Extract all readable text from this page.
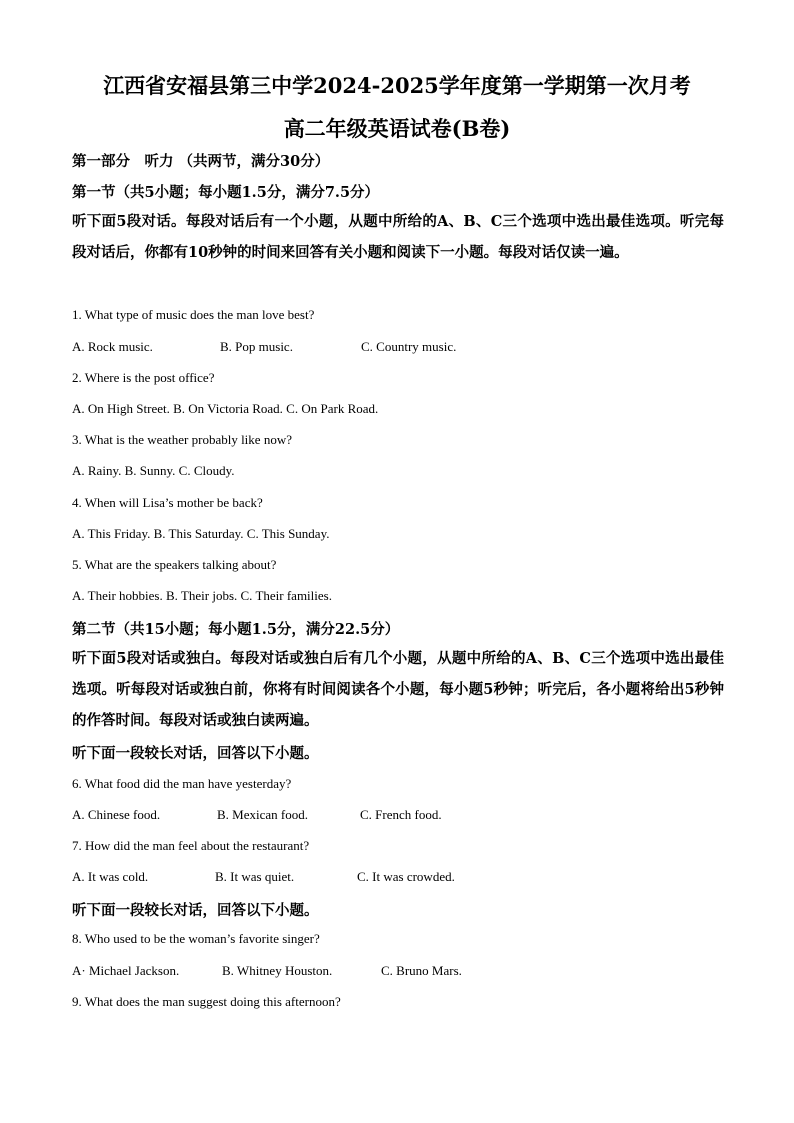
江西省安福县第三中学2024-2025学年度第一学期第一次月考
高二年级英语试卷(B卷)
第一部分　听力 （共两节，满分30分）
第一节（共5小题；每小题1.5分，满分7.5分）
听下面5段对话。每段对话后有一个小题，从题中所给的A、B、C三个选项中选出最佳选项。听完每段对话后，你都有10秒钟的时间来回答有关小题和阅读下一小题。每段对话仅读一遍。
1. What type of music does the man love best?
A. Rock music.	B. Pop music.	C. Country music.
2. Where is the post office?
A. On High Street. B. On Victoria Road. C. On Park Road.
3. What is the weather probably like now?
A. Rainy. B. Sunny. C. Cloudy.
4. When will Lisa’s mother be back?
A. This Friday. B. This Saturday. C. This Sunday.
5. What are the speakers talking about?
A. Their hobbies. B. Their jobs. C. Their families.
第二节（共15小题；每小题1.5分，满分22.5分）
听下面5段对话或独白。每段对话或独白后有几个小题，从题中所给的A、B、C三个选项中选出最佳选项。听每段对话或独白前，你将有时间阅读各个小题，每小题5秒钟；听完后，各小题将给出5秒钟的作答时间。每段对话或独白读两遍。
听下面一段较长对话，回答以下小题。
6. What food did the man have yesterday?
A. Chinese food.	B. Mexican food.	C. French food.
7. How did the man feel about the restaurant?
A. It was cold.	B. It was quiet.	C. It was crowded.
听下面一段较长对话，回答以下小题。
8. Who used to be the woman’s favorite singer?
A· Michael Jackson.	B. Whitney Houston.	C. Bruno Mars.
9. What does the man suggest doing this afternoon?
